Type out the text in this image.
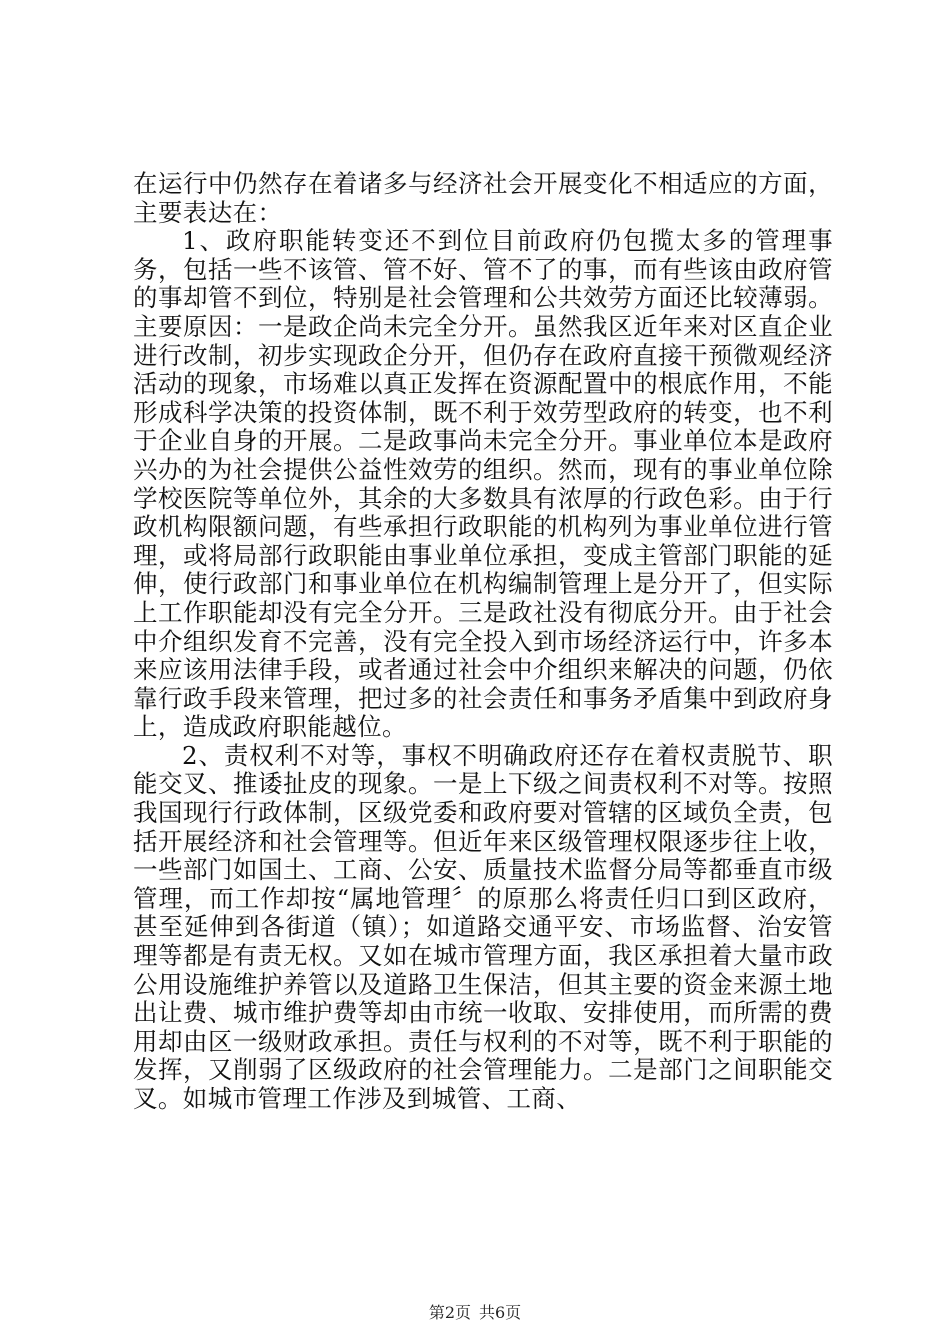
在运行中仍然存在着诸多与经济社会开展变化不相适应的方面，主要表达在：

1、政府职能转变还不到位目前政府仍包揽太多的管理事务，包括一些不该管、管不好、管不了的事，而有些该由政府管的事却管不到位，特别是社会管理和公共效劳方面还比较薄弱。主要原因：一是政企尚未完全分开。虽然我区近年来对区直企业进行改制，初步实现政企分开，但仍存在政府直接干预微观经济活动的现象，市场难以真正发挥在资源配置中的根底作用，不能形成科学决策的投资体制，既不利于效劳型政府的转变，也不利于企业自身的开展。二是政事尚未完全分开。事业单位本是政府兴办的为社会提供公益性效劳的组织。然而，现有的事业单位除学校医院等单位外，其余的大多数具有浓厚的行政色彩。由于行政机构限额问题，有些承担行政职能的机构列为事业单位进行管理，或将局部行政职能由事业单位承担，变成主管部门职能的延伸，使行政部门和事业单位在机构编制管理上是分开了，但实际上工作职能却没有完全分开。三是政社没有彻底分开。由于社会中介组织发育不完善，没有完全投入到市场经济运行中，许多本来应该用法律手段，或者通过社会中介组织来解决的问题，仍依靠行政手段来管理，把过多的社会责任和事务矛盾集中到政府身上，造成政府职能越位。

2、责权利不对等，事权不明确政府还存在着权责脱节、职能交叉、推诿扯皮的现象。一是上下级之间责权利不对等。按照我国现行行政体制，区级党委和政府要对管辖的区域负全责，包括开展经济和社会管理等。但近年来区级管理权限逐步往上收，一些部门如国土、工商、公安、质量技术监督分局等都垂直市级管理，而工作却按“属地管理〞的原那么将责任归口到区政府，甚至延伸到各街道（镇）；如道路交通平安、市场监督、治安管理等都是有责无权。又如在城市管理方面，我区承担着大量市政公用设施维护养管以及道路卫生保洁，但其主要的资金来源土地出让费、城市维护费等却由市统一收取、安排使用，而所需的费用却由区一级财政承担。责任与权利的不对等，既不利于职能的发挥，又削弱了区级政府的社会管理能力。二是部门之间职能交叉。如城市管理工作涉及到城管、工商、

第2页 共6页
